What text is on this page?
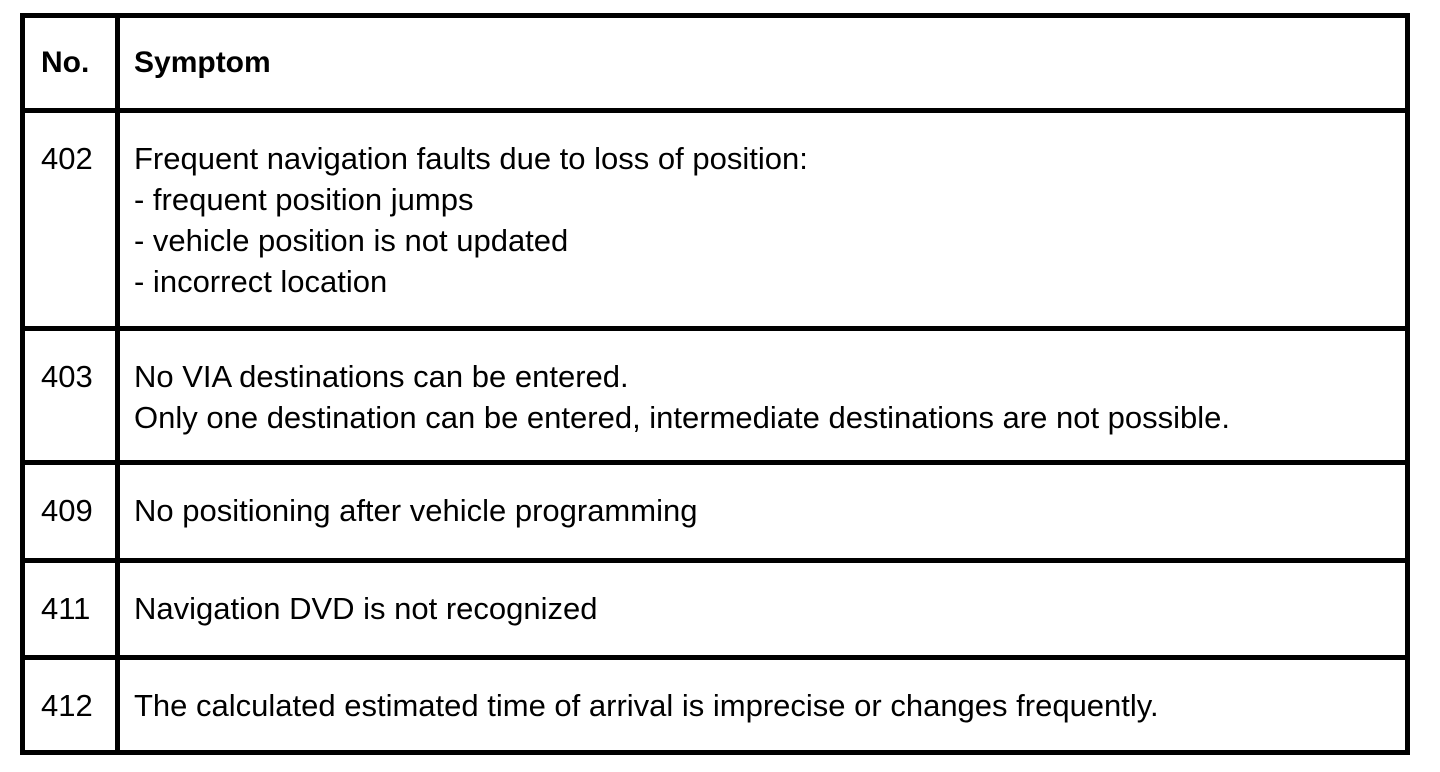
No.	Symptom

402	Frequent navigation faults due to loss of position:
- frequent position jumps
- vehicle position is not updated
- incorrect location

403	No VIA destinations can be entered.
Only one destination can be entered, intermediate destinations are not possible.

409	No positioning after vehicle programming

411	Navigation DVD is not recognized

412	The calculated estimated time of arrival is imprecise or changes frequently.
